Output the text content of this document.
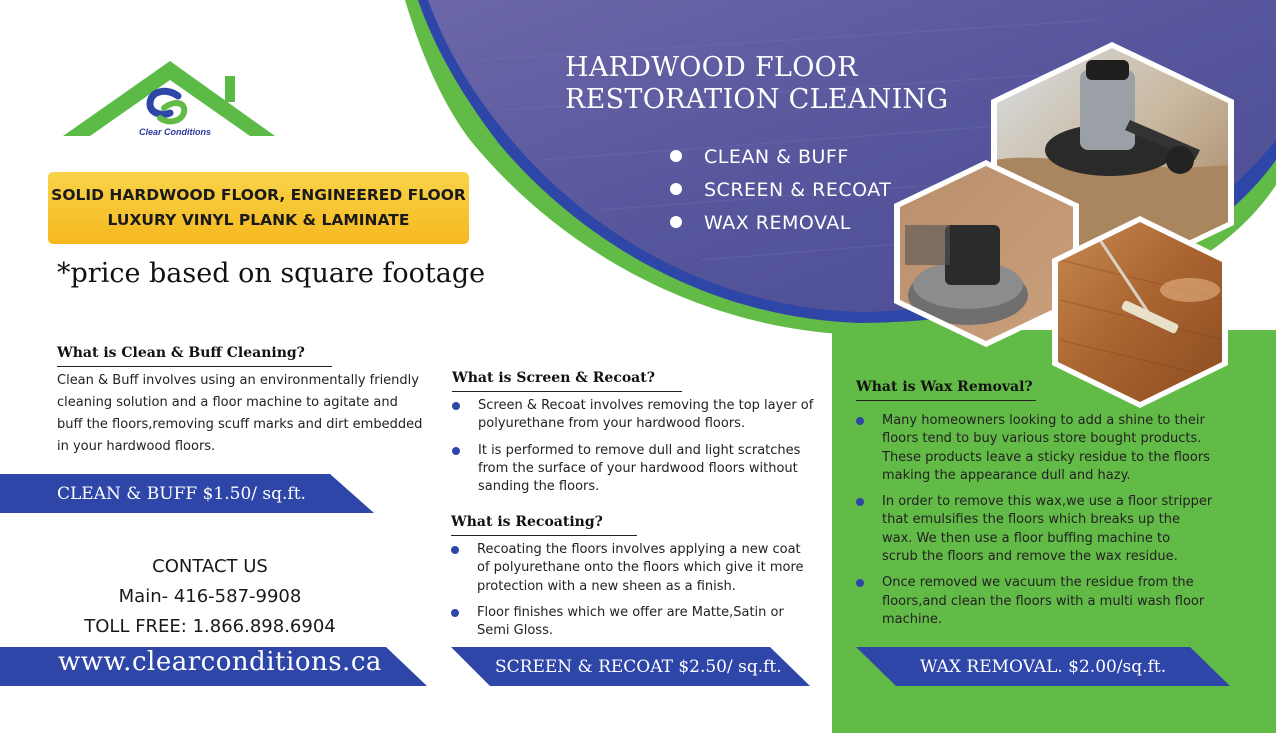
Clear Conditions
SOLID HARDWOOD FLOOR, ENGINEERED FLOOR
LUXURY VINYL PLANK & LAMINATE
*price based on square footage
HARDWOOD FLOOR
RESTORATION CLEANING
CLEAN & BUFF
SCREEN & RECOAT
WAX REMOVAL
What is Clean & Buff Cleaning?
Clean & Buff involves using an environmentally friendly
cleaning solution and a floor machine to agitate and
buff the floors,removing scuff marks and dirt embedded
in your hardwood floors.
CLEAN & BUFF $1.50/ sq.ft.
What is Screen & Recoat?
Screen & Recoat involves removing the top layer of
polyurethane from your hardwood floors.
It is performed to remove dull and light scratches
from the surface of your hardwood floors without
sanding the floors.
What is Recoating?
Recoating the floors involves applying a new coat
of polyurethane onto the floors which give it more
protection with a new sheen as a finish.
Floor finishes which we offer are Matte,Satin or
Semi Gloss.
SCREEN & RECOAT $2.50/ sq.ft.
What is Wax Removal?
Many homeowners looking to add a shine to their
floors tend to buy various store bought products.
These products leave a sticky residue to the floors
making the appearance dull and hazy.
In order to remove this wax,we use a floor stripper
that emulsifies the floors which breaks up the
wax. We then use a floor buffing machine to
scrub the floors and remove the wax residue.
Once removed we vacuum the residue from the
floors,and clean the floors with a multi wash floor
machine.
WAX REMOVAL. $2.00/sq.ft.
CONTACT US
Main- 416-587-9908
TOLL FREE: 1.866.898.6904
www.clearconditions.ca
